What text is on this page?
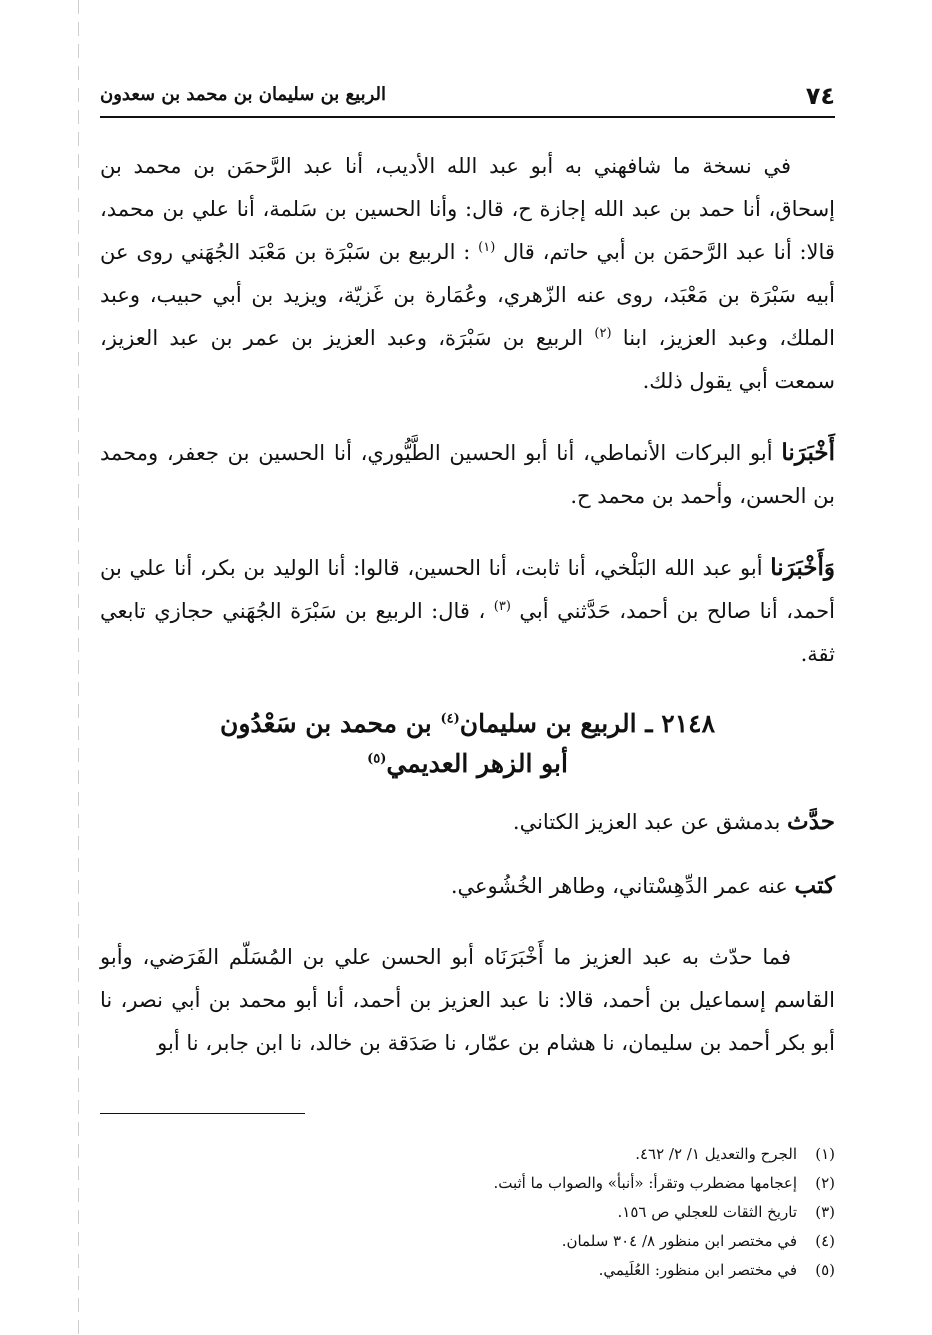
٧٤
الربيع بن سليمان بن محمد بن سعدون

في نسخة ما شافهني به أبو عبد الله الأديب، أنا عبد الرَّحمَن بن محمد بن إسحاق، أنا حمد بن عبد الله إجازة ح، قال: وأنا الحسين بن سَلمة، أنا علي بن محمد، قالا: أنا عبد الرَّحمَن بن أبي حاتم، قال $^{(١)}$ : الربيع بن سَبْرَة بن مَعْبَد الجُهَني روى عن أبيه سَبْرَة بن مَعْبَد، روى عنه الزّهري، وعُمَارة بن غَزيّة، ويزيد بن أبي حبيب، وعبد الملك، وعبد العزيز، ابنا $^{(٢)}$ الربيع بن سَبْرَة، وعبد العزيز بن عمر بن عبد العزيز، سمعت أبي يقول ذلك.

أَخْبَرَنا أبو البركات الأنماطي، أنا أبو الحسين الطَّيُّوري، أنا الحسين بن جعفر، ومحمد بن الحسن، وأحمد بن محمد ح.

وَأَخْبَرَنا أبو عبد الله البَلْخي، أنا ثابت، أنا الحسين، قالوا: أنا الوليد بن بكر، أنا علي بن أحمد، أنا صالح بن أحمد، حَدَّثني أبي $^{(٣)}$ ، قال: الربيع بن سَبْرَة الجُهَني حجازي تابعي ثقة.

٢١٤٨ ـ الربيع بن سليمان$^{(٤)}$ بن محمد بن سَعْدُون
أبو الزهر العديمي$^{(٥)}$

حدَّث بدمشق عن عبد العزيز الكتاني.

كتب عنه عمر الدِّهِسْتاني، وطاهر الخُشُوعي.

فما حدّث به عبد العزيز ما أَخْبَرَنَاه أبو الحسن علي بن المُسَلّم الفَرَضي، وأبو القاسم إسماعيل بن أحمد، قالا: نا عبد العزيز بن أحمد، أنا أبو محمد بن أبي نصر، نا أبو بكر أحمد بن سليمان، نا هشام بن عمّار، نا صَدَقة بن خالد، نا ابن جابر، نا أبو

(١)الجرح والتعديل ١/ ٢/ ٤٦٢.
(٢)إعجامها مضطرب وتقرأ: «أنبأ» والصواب ما أثبت.
(٣)تاريخ الثقات للعجلي ص ١٥٦.
(٤)في مختصر ابن منظور ٨/ ٣٠٤ سلمان.
(٥)في مختصر ابن منظور: العُلَيمي.
